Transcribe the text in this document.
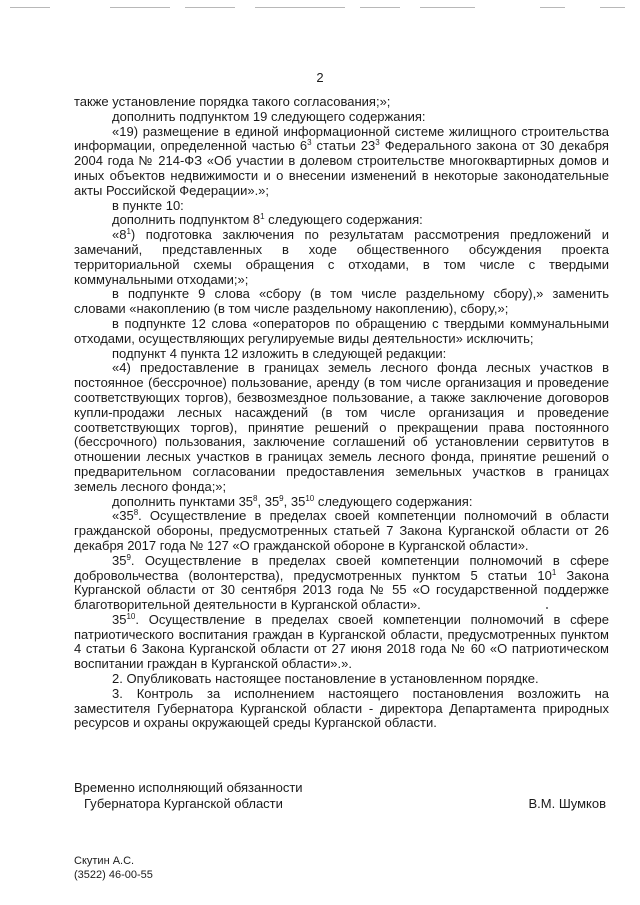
2

также установление порядка такого согласования;»;

дополнить подпунктом 19 следующего содержания:

«19) размещение в единой информационной системе жилищного строительства информации, определенной частью $6^3$ статьи $23^3$ Федерального закона от 30 декабря 2004 года № 214-ФЗ «Об участии в долевом строительстве многоквартирных домов и иных объектов недвижимости и о внесении изменений в некоторые законодательные акты Российской Федерации».»;

в пункте 10:

дополнить подпунктом $8^1$ следующего содержания:

«$8^1$) подготовка заключения по результатам рассмотрения предложений и замечаний, представленных в ходе общественного обсуждения проекта территориальной схемы обращения с отходами, в том числе с твердыми коммунальными отходами;»;

в подпункте 9 слова «сбору (в том числе раздельному сбору),» заменить словами «накоплению (в том числе раздельному накоплению), сбору,»;

в подпункте 12 слова «операторов по обращению с твердыми коммунальными отходами, осуществляющих регулируемые виды деятельности» исключить;

подпункт 4 пункта 12 изложить в следующей редакции:

«4) предоставление в границах земель лесного фонда лесных участков в постоянное (бессрочное) пользование, аренду (в том числе организация и проведение соответствующих торгов), безвозмездное пользование, а также заключение договоров купли-продажи лесных насаждений (в том числе организация и проведение соответствующих торгов), принятие решений о прекращении права постоянного (бессрочного) пользования, заключение соглашений об установлении сервитутов в отношении лесных участков в границах земель лесного фонда, принятие решений о предварительном согласовании предоставления земельных участков в границах земель лесного фонда;»;

дополнить пунктами $35^8$, $35^9$, $35^{10}$ следующего содержания:

«$35^8$. Осуществление в пределах своей компетенции полномочий в области гражданской обороны, предусмотренных статьей 7 Закона Курганской области от 26 декабря 2017 года № 127 «О гражданской обороне в Курганской области».

$35^9$. Осуществление в пределах своей компетенции полномочий в сфере добровольчества (волонтерства), предусмотренных пунктом 5 статьи $10^1$ Закона Курганской области от 30 сентября 2013 года № 55 «О государственной поддержке благотворительной деятельности в Курганской области».

$35^{10}$. Осуществление в пределах своей компетенции полномочий в сфере патриотического воспитания граждан в Курганской области, предусмотренных пунктом 4 статьи 6 Закона Курганской области от 27 июня 2018 года № 60 «О патриотическом воспитании граждан в Курганской области».».

2. Опубликовать настоящее постановление в установленном порядке.

3. Контроль за исполнением настоящего постановления возложить на заместителя Губернатора Курганской области - директора Департамента природных ресурсов и охраны окружающей среды Курганской области.

Временно исполняющий обязанности
Губернатора Курганской области	В.М. Шумков
Скутин А.С.
(3522) 46-00-55
